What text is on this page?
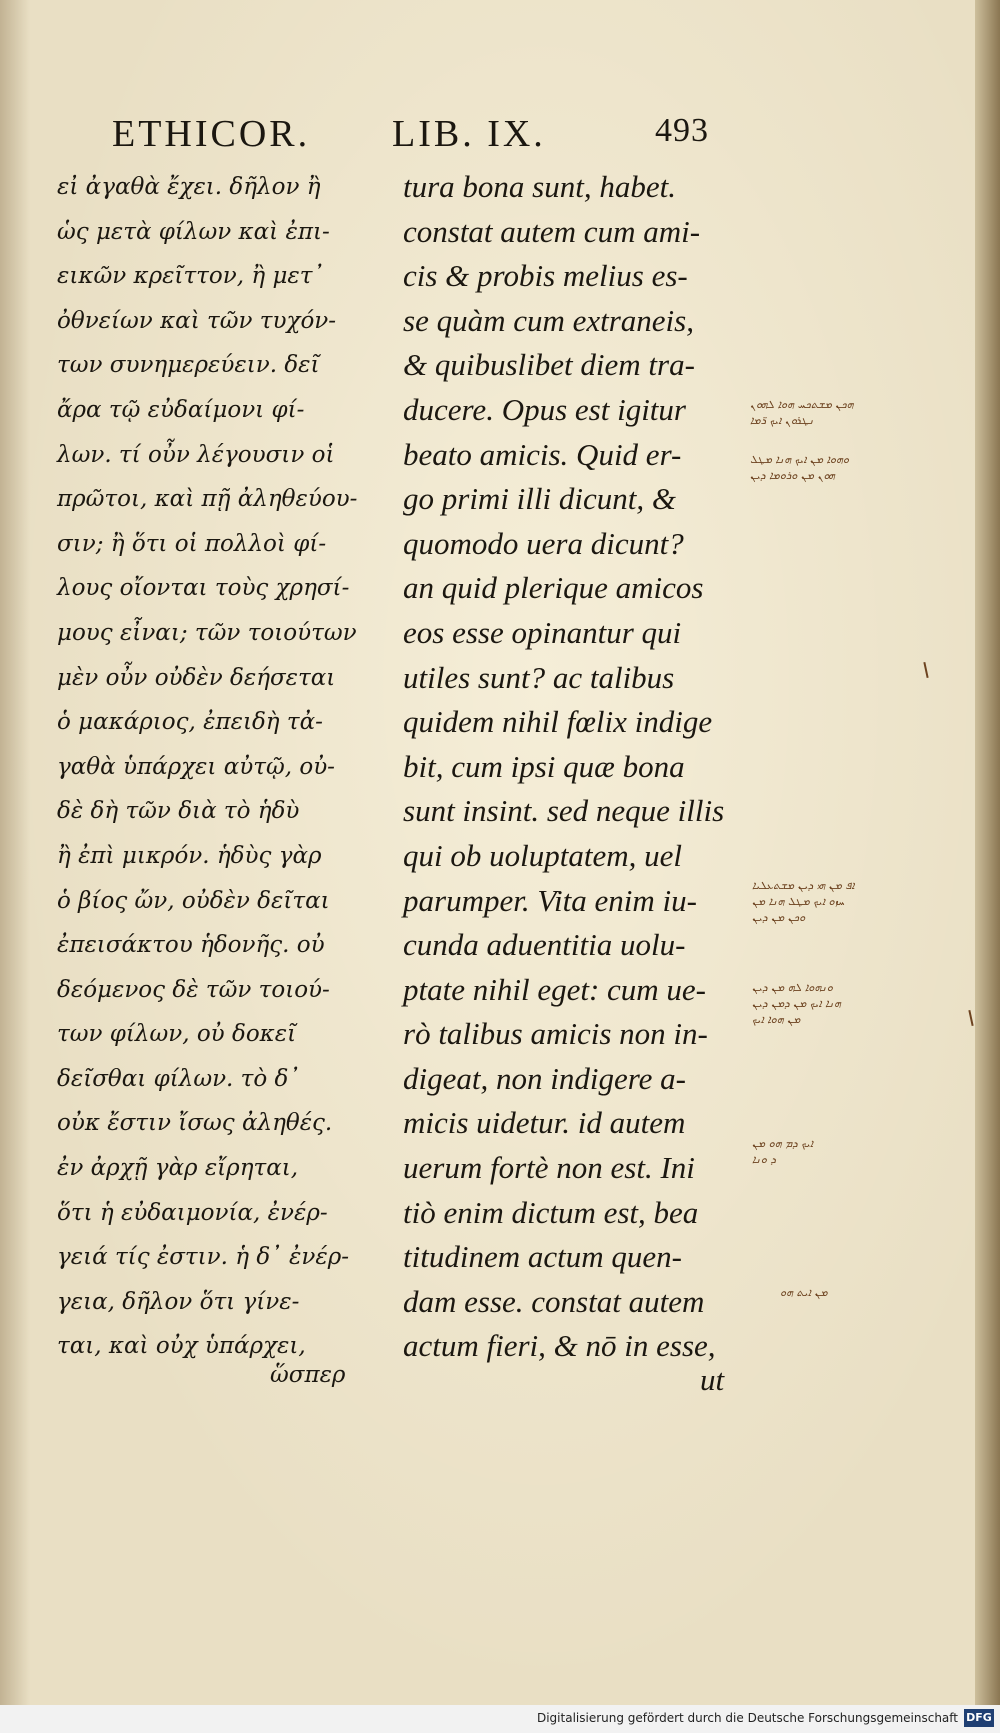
ETHICOR. LIB. IX.	493
εἰ ἀγαθὰ ἔχει. δῆλον ἢ
ὡς μετὰ φίλων καὶ ἐπι-
εικῶν κρεῖττον, ἢ μετ᾽
ὀθνείων καὶ τῶν τυχόν-
των συνημερεύειν. δεῖ
ἄρα τῷ εὐδαίμονι φί-
λων. τί οὖν λέγουσιν οἱ
πρῶτοι, καὶ πῇ ἀληθεύου-
σιν; ἢ ὅτι οἱ πολλοὶ φί-
λους οἴονται τοὺς χρησί-
μους εἶναι; τῶν τοιούτων
μὲν οὖν οὐδὲν δεήσεται
ὁ μακάριος, ἐπειδὴ τἀ-
γαθὰ ὑπάρχει αὐτῷ, οὐ-
δὲ δὴ τῶν διὰ τὸ ἡδὺ
ἢ ἐπὶ μικρόν. ἡδὺς γὰρ
ὁ βίος ὤν, οὐδὲν δεῖται
ἐπεισάκτου ἡδονῆς. οὐ
δεόμενος δὲ τῶν τοιού-
των φίλων, οὐ δοκεῖ
δεῖσθαι φίλων. τὸ δ᾽
οὐκ ἔστιν ἴσως ἀληθές.
ἐν ἀρχῇ γὰρ εἴρηται,
ὅτι ἡ εὐδαιμονία, ἐνέρ-
γειά τίς ἐστιν. ἡ δ᾽ ἐνέρ-
γεια, δῆλον ὅτι γίνε-
ται, καὶ οὐχ ὑπάρχει,
tura bona sunt, habet.
constat autem cum ami-
cis & probis melius es-
se quàm cum extraneis,
& quibuslibet diem tra-
ducere. Opus est igitur
beato amicis. Quid er-
go primi illi dicunt, &
quomodo uera dicunt?
an quid plerique amicos
eos esse opinantur qui
utiles sunt? ac talibus
quidem nihil fœlix indige
bit, cum ipsi quæ bona
sunt insint. sed neque illis
qui ob uoluptatem, uel
parumper. Vita enim iu-
cunda aduentitia uolu-
ptate nihil eget: cum ue-
rò talibus amicis non in-
digeat, non indigere a-
micis uidetur. id autem
uerum fortè non est. Ini
tiò enim dictum est, bea
titudinem actum quen-
dam esse. constat autem
actum fieri, & nō in esse,
ὥσπερ	ut
ܗܟܢ ܡܫܬܟܚ ܗܘܐ ܠܗܘܢ
ܢܛܪܘܢ ܐܝܟ ܪ̈ܡܐ
ܘܗܘܐ ܡܢ ܐܝܟ ܗܢܐ ܡܛܠ
ܗܘܢ ܡܢ ܘܪܘܡܐ ܕܝܢ
ܐܦ ܡܢ ܗܝ ܕܝܢ ܡܫܬܥܠܝܐ
ܚܙܘ ܐܝܟ ܡܛܠ ܗܢܐ ܡܢ
ܘܟܢ ܡܢ ܕܝܢ
ܘܢܗܘܐ ܠܗ ܡܢ ܕܝܢ
ܗܢܐ ܐܝܟ ܡܢ ܕܡܢ ܕܝܢ
ܡܢ ܗܘܐ ܐܝܟ
ܐܝܟ ܕܡ ܗܘ ܡܢ
ܕ ܘܢܐ
ܡܢ ܐܝܬ ܗܘ
Digitalisierung gefördert durch die Deutsche Forschungsgemeinschaft DFG
